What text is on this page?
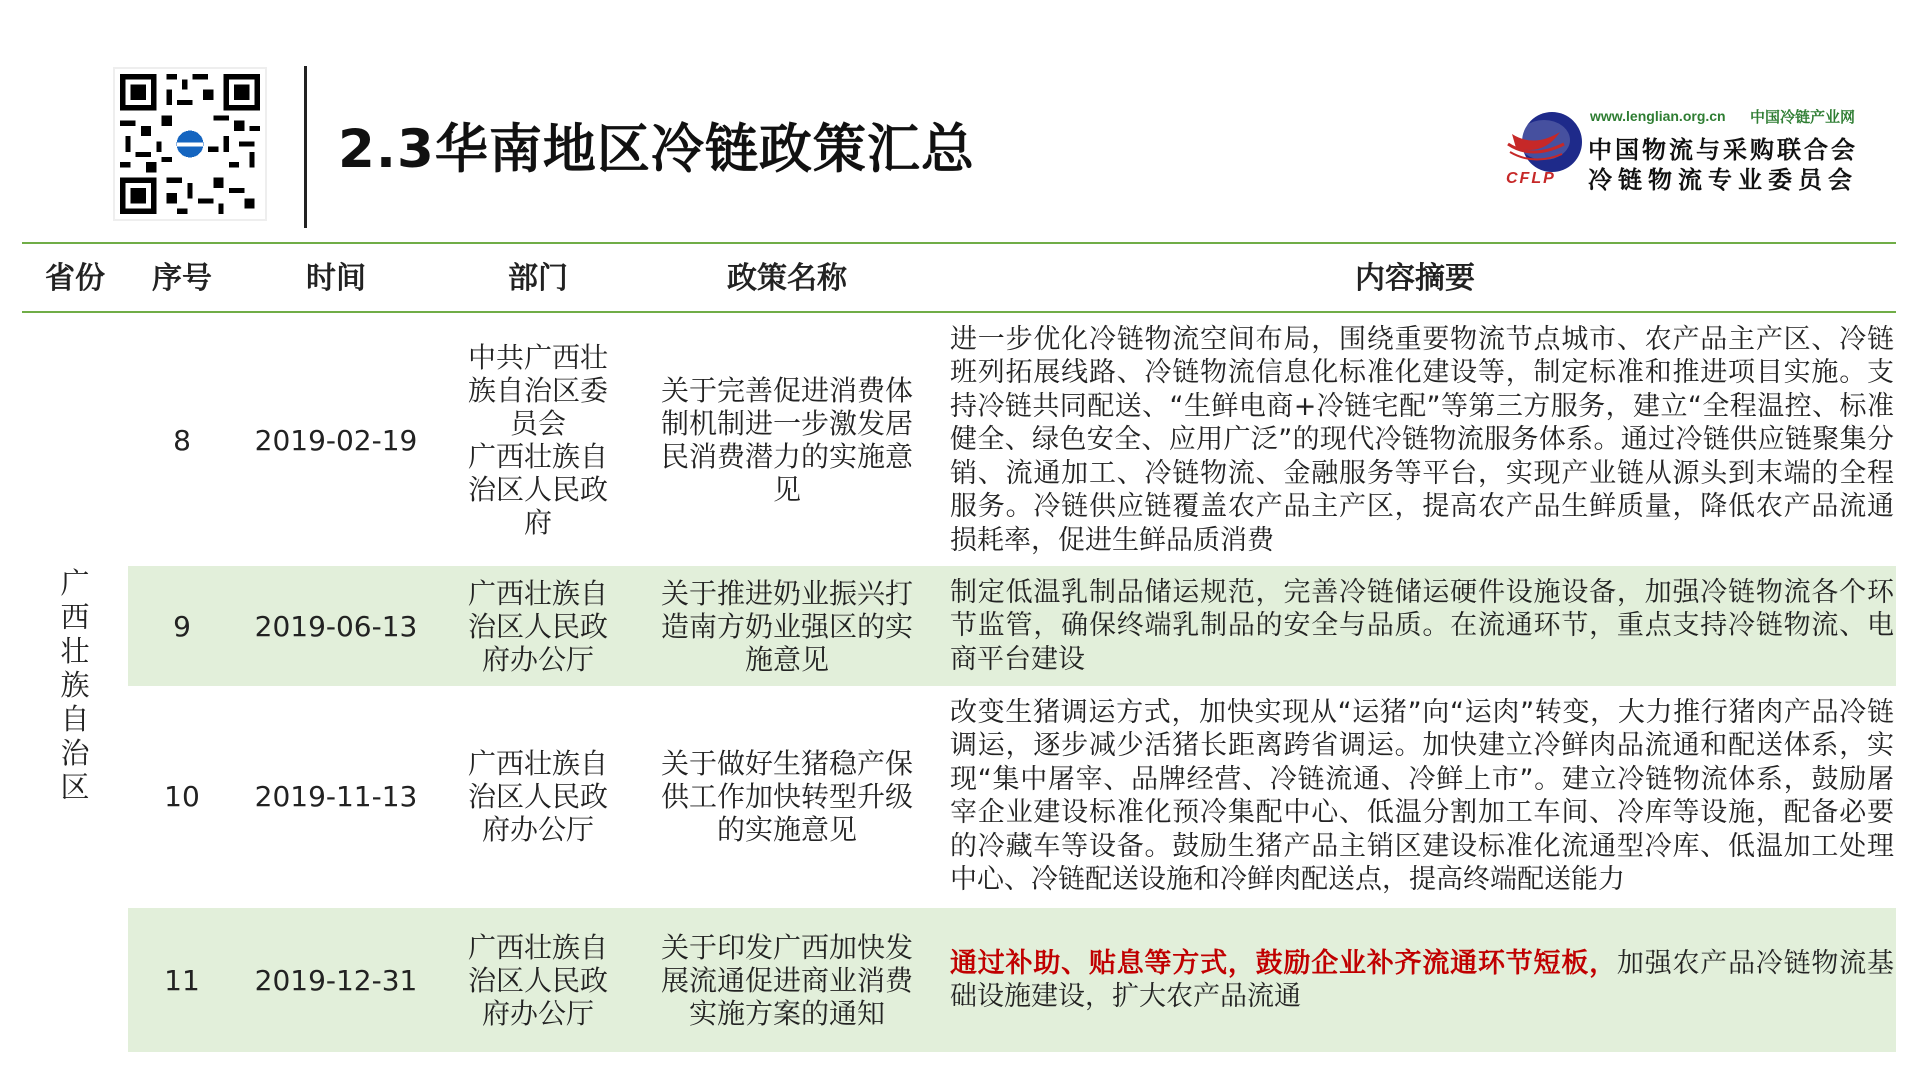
2.3华南地区冷链政策汇总
www.lenglian.org.cn 中国冷链产业网
中国物流与采购联合会
冷链物流专业委员会
CFLP
省份	序号	时间	部门	政策名称	内容摘要
广西壮族自治区
8 2019-02-19
中共广西壮族自治区委员会
广西壮族自治区人民政府
关于完善促进消费体制机制进一步激发居民消费潜力的实施意见
进一步优化冷链物流空间布局，围绕重要物流节点城市、农产品主产区、冷链班列拓展线路、冷链物流信息化标准化建设等，制定标准和推进项目实施。支持冷链共同配送、“生鲜电商+冷链宅配”等第三方服务，建立“全程温控、标准健全、绿色安全、应用广泛”的现代冷链物流服务体系。通过冷链供应链聚集分销、流通加工、冷链物流、金融服务等平台，实现产业链从源头到末端的全程服务。冷链供应链覆盖农产品主产区，提高农产品生鲜质量，降低农产品流通损耗率，促进生鲜品质消费
9 2019-06-13
广西壮族自治区人民政府办公厅
关于推进奶业振兴打造南方奶业强区的实施意见
制定低温乳制品储运规范，完善冷链储运硬件设施设备，加强冷链物流各个环节监管，确保终端乳制品的安全与品质。在流通环节，重点支持冷链物流、电商平台建设
10 2019-11-13
广西壮族自治区人民政府办公厅
关于做好生猪稳产保供工作加快转型升级的实施意见
改变生猪调运方式，加快实现从“运猪”向“运肉”转变，大力推行猪肉产品冷链调运，逐步减少活猪长距离跨省调运。加快建立冷鲜肉品流通和配送体系，实现“集中屠宰、品牌经营、冷链流通、冷鲜上市”。建立冷链物流体系，鼓励屠宰企业建设标准化预冷集配中心、低温分割加工车间、冷库等设施，配备必要的冷藏车等设备。鼓励生猪产品主销区建设标准化流通型冷库、低温加工处理中心、冷链配送设施和冷鲜肉配送点，提高终端配送能力
11 2019-12-31
广西壮族自治区人民政府办公厅
关于印发广西加快发展流通促进商业消费实施方案的通知
通过补助、贴息等方式，鼓励企业补齐流通环节短板，加强农产品冷链物流基础设施建设，扩大农产品流通
